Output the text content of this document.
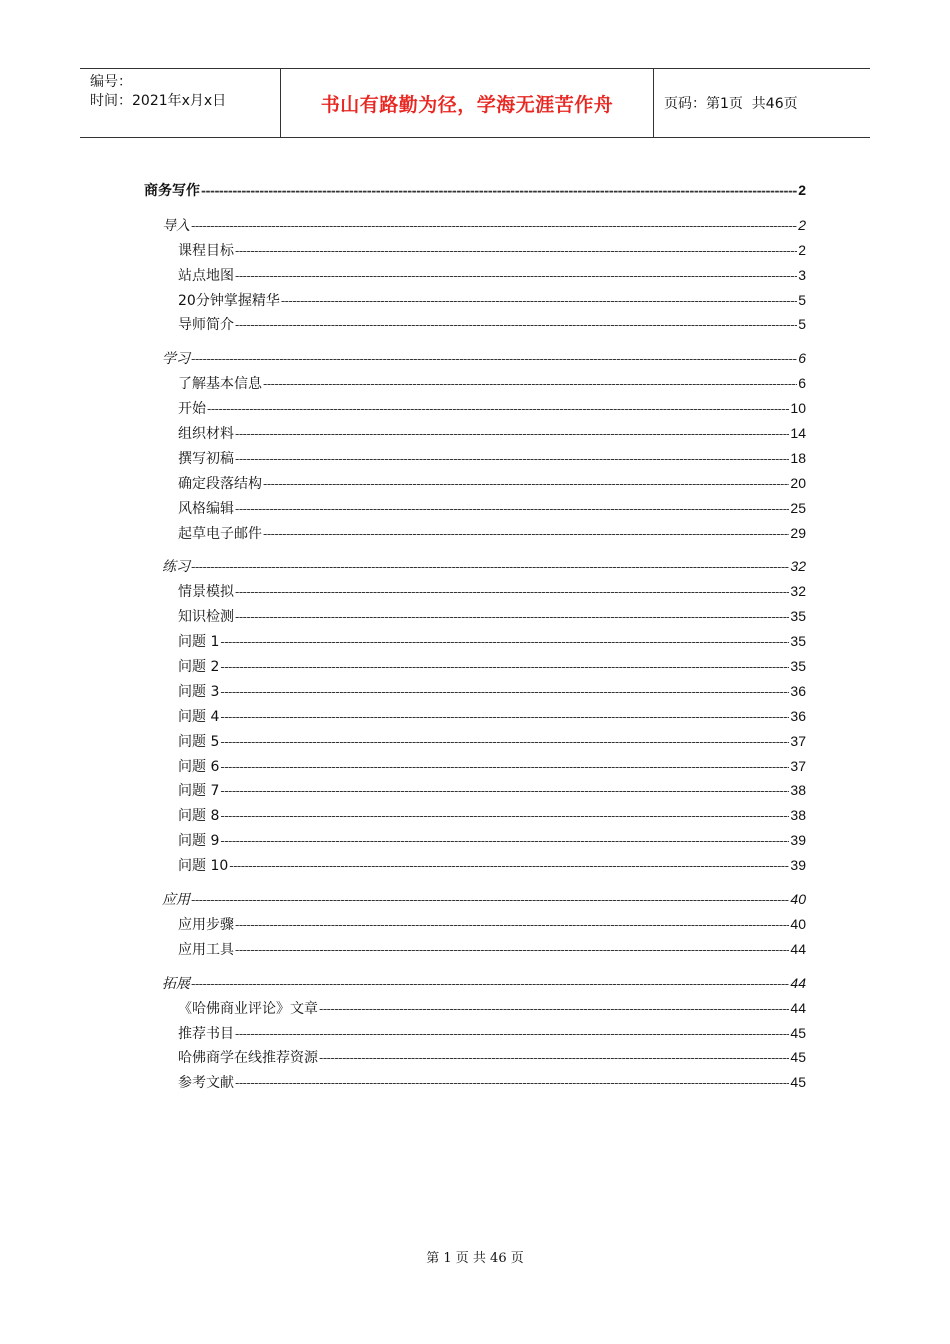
编号：
时间：2021年x月x日	书山有路勤为径，学海无涯苦作舟	页码：第1页  共46页
商务写作 -----	2
导入 -----	2
课程目标 -----	2
站点地图 -----	3
20分钟掌握精华 -----	5
导师简介 -----	5
学习 -----	6
了解基本信息 -----	6
开始 -----	10
组织材料 -----	14
撰写初稿 -----	18
确定段落结构 -----	20
风格编辑 -----	25
起草电子邮件 -----	29
练习 -----	32
情景模拟 -----	32
知识检测 -----	35
问题 1 -----	35
问题 2 -----	35
问题 3 -----	36
问题 4 -----	36
问题 5 -----	37
问题 6 -----	37
问题 7 -----	38
问题 8 -----	38
问题 9 -----	39
问题 10 -----	39
应用 -----	40
应用步骤 -----	40
应用工具 -----	44
拓展 -----	44
《哈佛商业评论》文章 -----	44
推荐书目 -----	45
哈佛商学在线推荐资源 -----	45
参考文献 -----	45
第 1 页 共 46 页
